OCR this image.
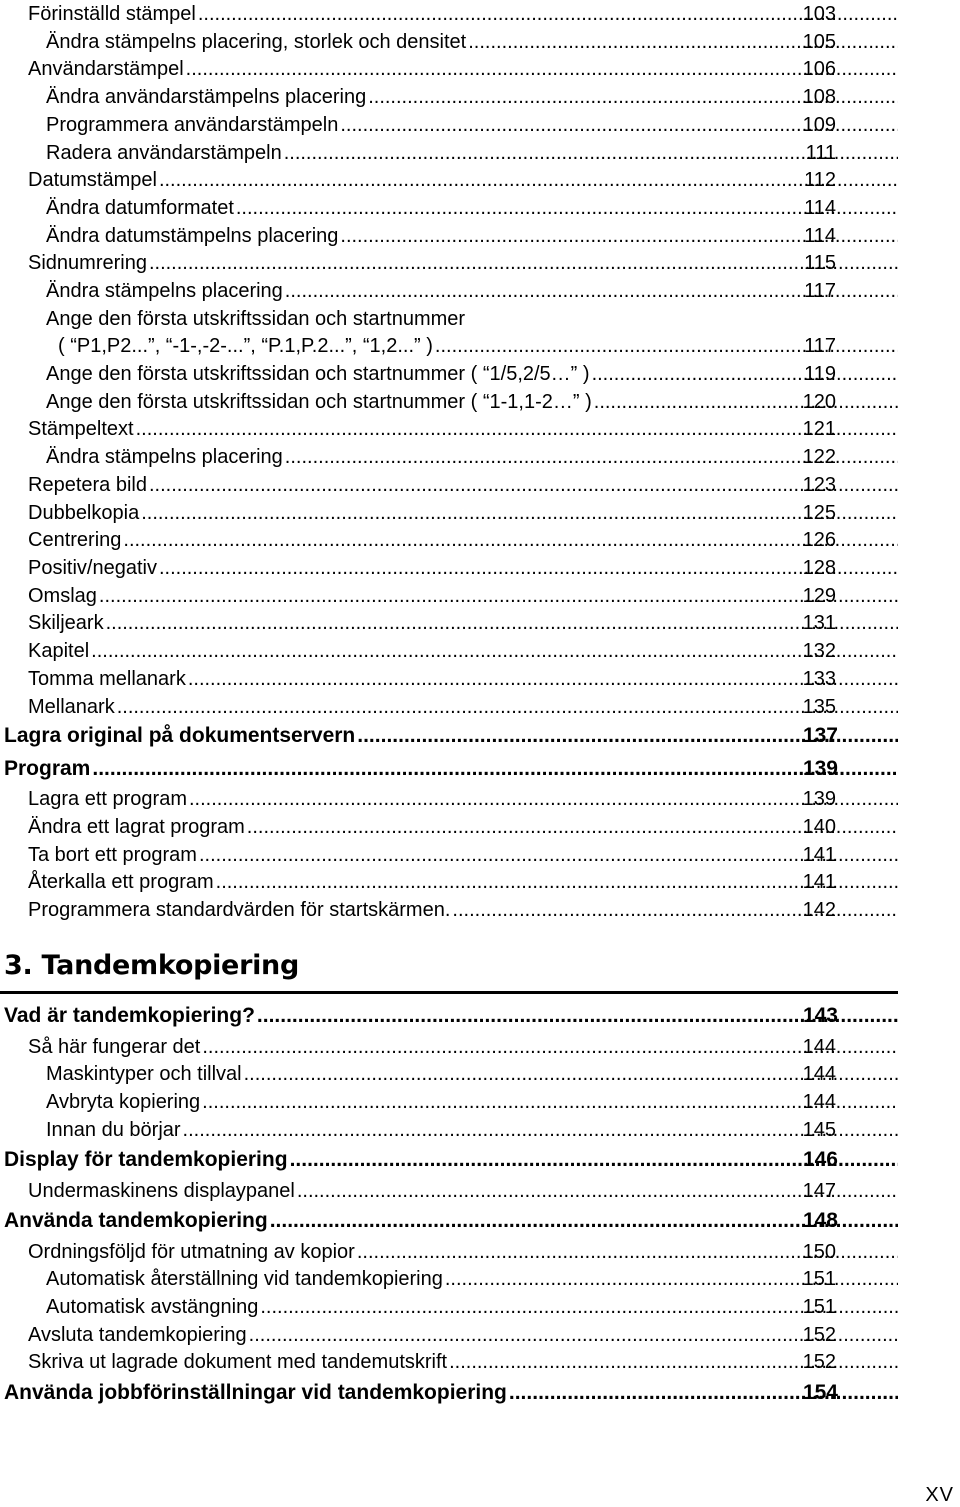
Förinställd stämpel .....	103
Ändra stämpelns placering, storlek och densitet .....	105
Användarstämpel .....	106
Ändra användarstämpelns placering .....	108
Programmera användarstämpeln .....	109
Radera användarstämpeln .....	111
Datumstämpel .....	112
Ändra datumformatet .....	114
Ändra datumstämpelns placering .....	114
Sidnumrering .....	115
Ändra stämpelns placering .....	117
Ange den första utskriftssidan och startnummer
( “P1,P2...”, “-1-,-2-...”, “P.1,P.2...”, “1,2...” ) .....	117
Ange den första utskriftssidan och startnummer ( “1/5,2/5…” ) .....	119
Ange den första utskriftssidan och startnummer ( “1-1,1-2…” ) .....	120
Stämpeltext .....	121
Ändra stämpelns placering .....	122
Repetera bild .....	123
Dubbelkopia .....	125
Centrering .....	126
Positiv/negativ .....	128
Omslag .....	129
Skiljeark .....	131
Kapitel .....	132
Tomma mellanark .....	133
Mellanark .....	135
Lagra original på dokumentservern .....	137
Program .....	139
Lagra ett program .....	139
Ändra ett lagrat program .....	140
Ta bort ett program .....	141
Återkalla ett program .....	141
Programmera standardvärden för startskärmen. .....	142
Vad är tandemkopiering? .....	143
Så här fungerar det .....	144
Maskintyper och tillval .....	144
Avbryta kopiering .....	144
Innan du börjar .....	145
Display för tandemkopiering .....	146
Undermaskinens displaypanel .....	147
Använda tandemkopiering .....	148
Ordningsföljd för utmatning av kopior .....	150
Automatisk återställning vid tandemkopiering .....	151
Automatisk avstängning .....	151
Avsluta tandemkopiering .....	152
Skriva ut lagrade dokument med tandemutskrift .....	152
Använda jobbförinställningar vid tandemkopiering .....	154
3. Tandemkopiering
XV
